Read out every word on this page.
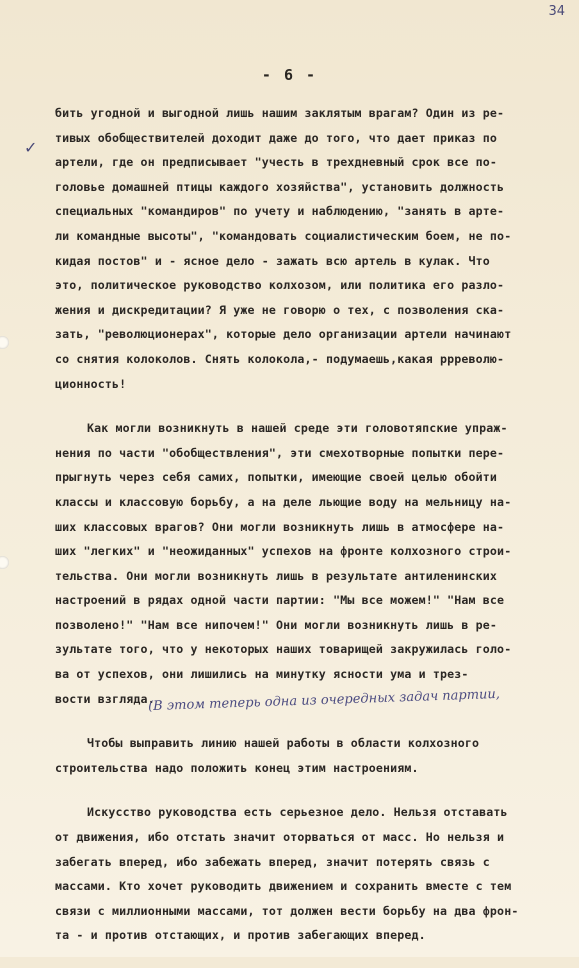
34
- 6 -
✓
бить угодной и выгодной лишь нашим заклятым врагам? Один из ре-
тивых обобществителей доходит даже до того, что дает приказ по
артели, где он предписывает "учесть в трехдневный срок все по-
головье домашней птицы каждого хозяйства", установить должность
специальных "командиров" по учету и наблюдению, "занять в арте-
ли командные высоты", "командовать социалистическим боем, не по-
кидая постов" и - ясное дело - зажать всю артель в кулак. Что
это, политическое руководство колхозом, или политика его разло-
жения и дискредитации? Я уже не говорю о тех, с позволения ска-
зать, "революционерах", которые дело организации артели начинают
со снятия колоколов. Снять колокола,- подумаешь,какая ррреволю-
ционность!
Как могли возникнуть в нашей среде эти головотяпские упраж-
нения по части "обобществления", эти смехотворные попытки пере-
прыгнуть через себя самих, попытки, имеющие своей целью обойти
классы и классовую борьбу, а на деле льющие воду на мельницу на-
ших классовых врагов? Они могли возникнуть лишь в атмосфере на-
ших "легких" и "неожиданных" успехов на фронте колхозного строи-
тельства. Они могли возникнуть лишь в результате антиленинских
настроений в рядах одной части партии: "Мы все можем!" "Нам все
позволено!" "Нам все нипочем!" Они могли возникнуть лишь в ре-
зультате того, что у некоторых наших товарищей закружилась голо-
ва от успехов, они лишились на минутку ясности ума и трез-
вости взгляда.
Чтобы выправить линию нашей работы в области колхозного
строительства надо положить конец этим настроениям.
Искусство руководства есть серьезное дело. Нельзя отставать
от движения, ибо отстать значит оторваться от масс. Но нельзя и
забегать вперед, ибо забежать вперед, значит потерять связь с
массами. Кто хочет руководить движением и сохранить вместе с тем
связи с миллионными массами, тот должен вести борьбу на два фрон-
та - и против отстающих, и против забегающих вперед.
(В этом теперь одна из очередных задач партии,
